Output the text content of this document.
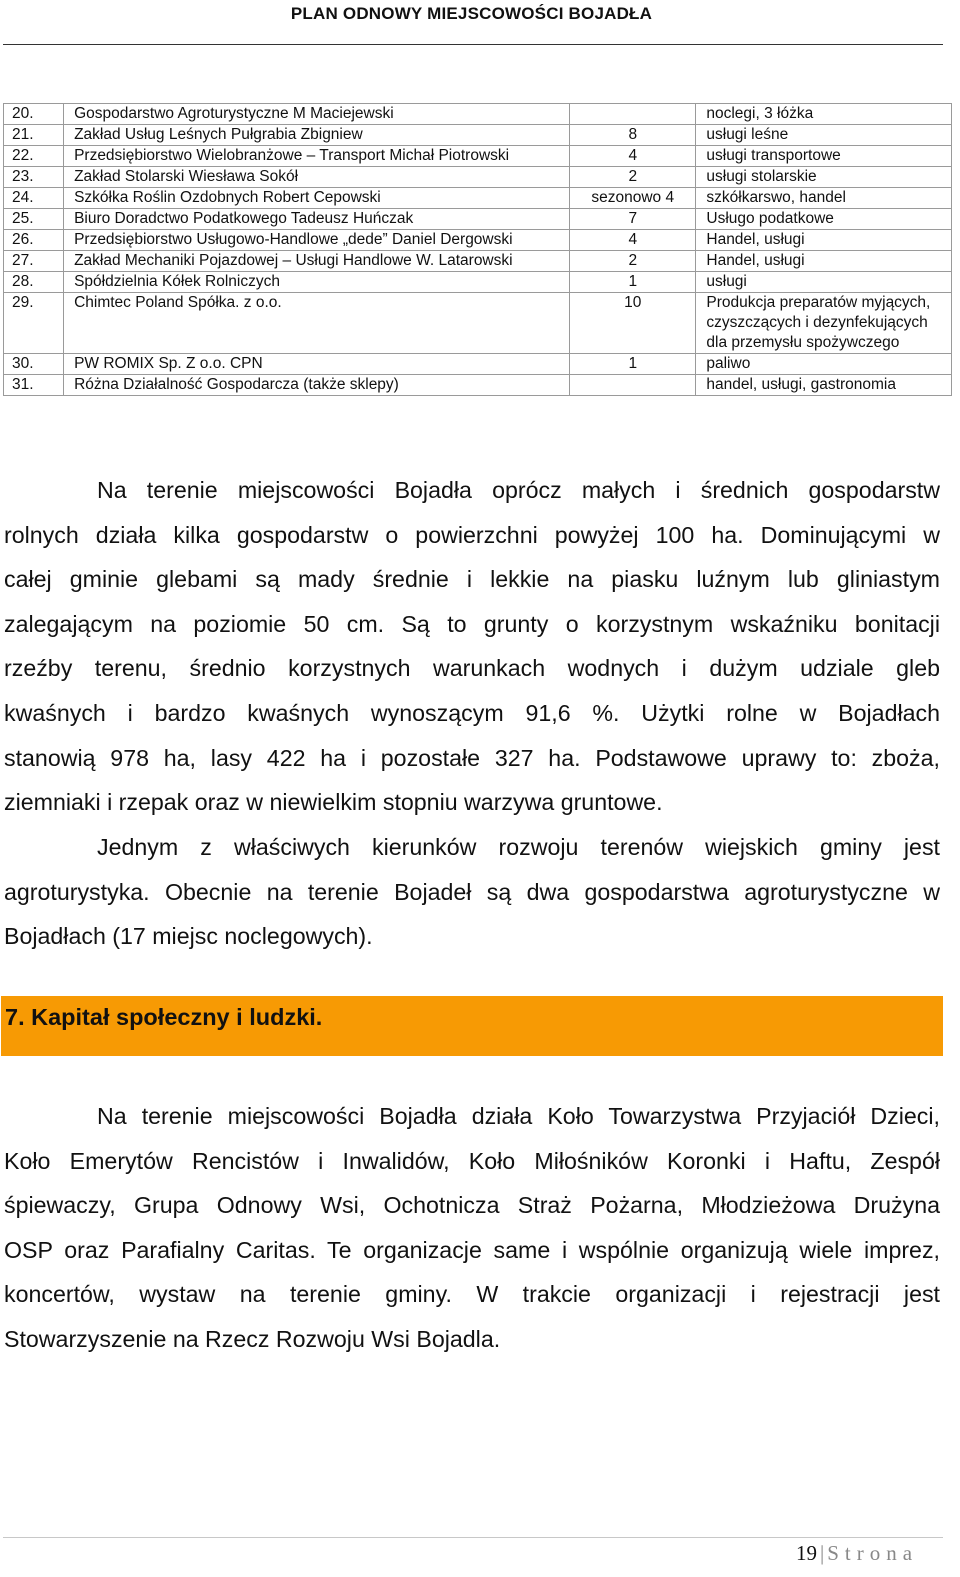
PLAN ODNOWY MIEJSCOWOŚCI BOJADŁA
20.	Gospodarstwo Agroturystyczne M Maciejewski		noclegi, 3 łóżka
21.	Zakład Usług Leśnych Pułgrabia Zbigniew	8	usługi leśne
22.	Przedsiębiorstwo Wielobranżowe – Transport Michał Piotrowski	4	usługi transportowe
23.	Zakład Stolarski Wiesława Sokół	2	usługi stolarskie
24.	Szkółka Roślin Ozdobnych Robert Cepowski	sezonowo 4	szkółkarswo, handel
25.	Biuro Doradctwo Podatkowego Tadeusz Huńczak	7	Usługo podatkowe
26.	Przedsiębiorstwo Usługowo-Handlowe „dede” Daniel Dergowski	4	Handel, usługi
27.	Zakład Mechaniki Pojazdowej – Usługi Handlowe W. Latarowski	2	Handel, usługi
28.	Spółdzielnia Kółek Rolniczych	1	usługi
29.	Chimtec Poland Spółka. z o.o.	10	Produkcja preparatów myjących, czyszczących i dezynfekujących dla przemysłu spożywczego
30.	PW ROMIX Sp. Z o.o. CPN	1	paliwo
31.	Różna Działalność Gospodarcza (także sklepy)		handel, usługi, gastronomia
Na terenie miejscowości Bojadła oprócz małych i średnich gospodarstw
rolnych działa kilka gospodarstw o powierzchni powyżej 100 ha. Dominującymi w
całej gminie glebami są mady średnie i lekkie na piasku luźnym lub gliniastym
zalegającym na poziomie 50 cm. Są to grunty o korzystnym wskaźniku bonitacji
rzeźby terenu, średnio korzystnych warunkach wodnych i dużym udziale gleb
kwaśnych i bardzo kwaśnych wynoszącym 91,6 %. Użytki rolne w Bojadłach
stanowią 978 ha, lasy 422 ha i pozostałe 327 ha. Podstawowe uprawy to: zboża,
ziemniaki i rzepak oraz w niewielkim stopniu warzywa gruntowe.
Jednym z właściwych kierunków rozwoju terenów wiejskich gminy jest
agroturystyka. Obecnie na terenie Bojadeł są dwa gospodarstwa agroturystyczne w
Bojadłach (17 miejsc noclegowych).
7. Kapitał społeczny i ludzki.
Na terenie miejscowości Bojadła działa Koło Towarzystwa Przyjaciół Dzieci,
Koło Emerytów Rencistów i Inwalidów, Koło Miłośników Koronki i Haftu, Zespół
śpiewaczy, Grupa Odnowy Wsi, Ochotnicza Straż Pożarna, Młodzieżowa Drużyna
OSP oraz Parafialny Caritas. Te organizacje same i wspólnie organizują wiele imprez,
koncertów, wystaw na terenie gminy. W trakcie organizacji i rejestracji jest
Stowarzyszenie na Rzecz Rozwoju Wsi Bojadla.
19 | Strona
